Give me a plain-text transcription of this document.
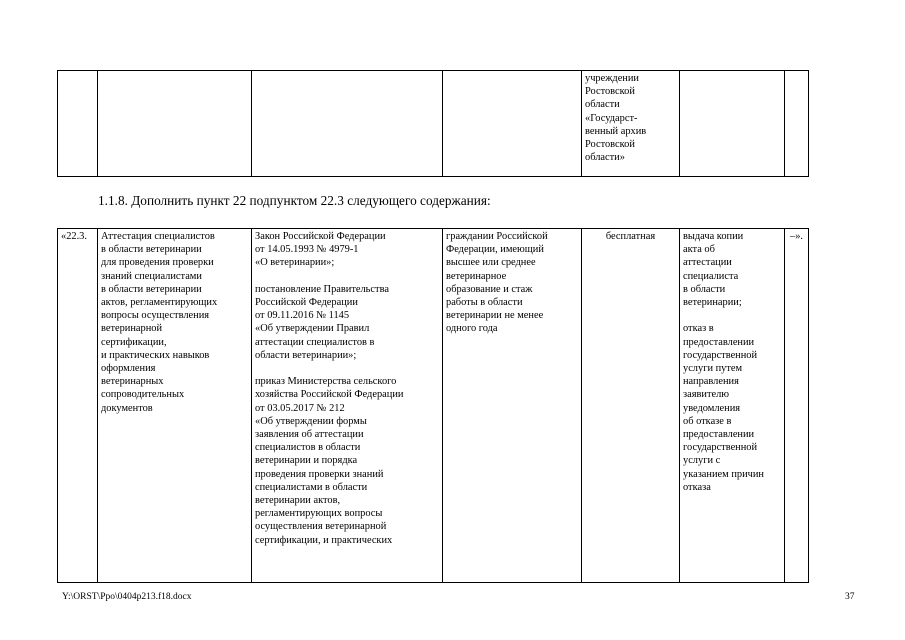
				учреждении
Ростовской
области
«Государст-
венный архив
Ростовской
области»		
1.1.8. Дополнить пункт 22 подпунктом 22.3 следующего содержания:
«22.3.	Аттестация специалистов
в области ветеринарии
для проведения проверки
знаний специалистами
в области ветеринарии
актов, регламентирующих
вопросы осуществления
ветеринарной
сертификации,
и практических навыков
оформления
ветеринарных
сопроводительных
документов	Закон Российской Федерации
от 14.05.1993 № 4979-1
«О ветеринарии»;

постановление Правительства
Российской Федерации
от 09.11.2016 № 1145
«Об утверждении Правил
аттестации специалистов в
области ветеринарии»;

приказ Министерства сельского
хозяйства Российской Федерации
от 03.05.2017 № 212
«Об утверждении формы
заявления об аттестации
специалистов в области
ветеринарии и порядка
проведения проверки знаний
специалистами в области
ветеринарии актов,
регламентирующих вопросы
осуществления ветеринарной
сертификации, и практических	граждании Российской
Федерации, имеющий
высшее или среднее
ветеринарное
образование и стаж
работы в области
ветеринарии не менее
одного года	бесплатная	выдача копии
акта об
аттестации
специалиста
в области
ветеринарии;

отказ в
предоставлении
государственной
услуги путем
направления
заявителю
уведомления
об отказе в
предоставлении
государственной
услуги с
указанием причин
отказа	–».
Y:\ORST\Ppo\0404p213.f18.docx	37
